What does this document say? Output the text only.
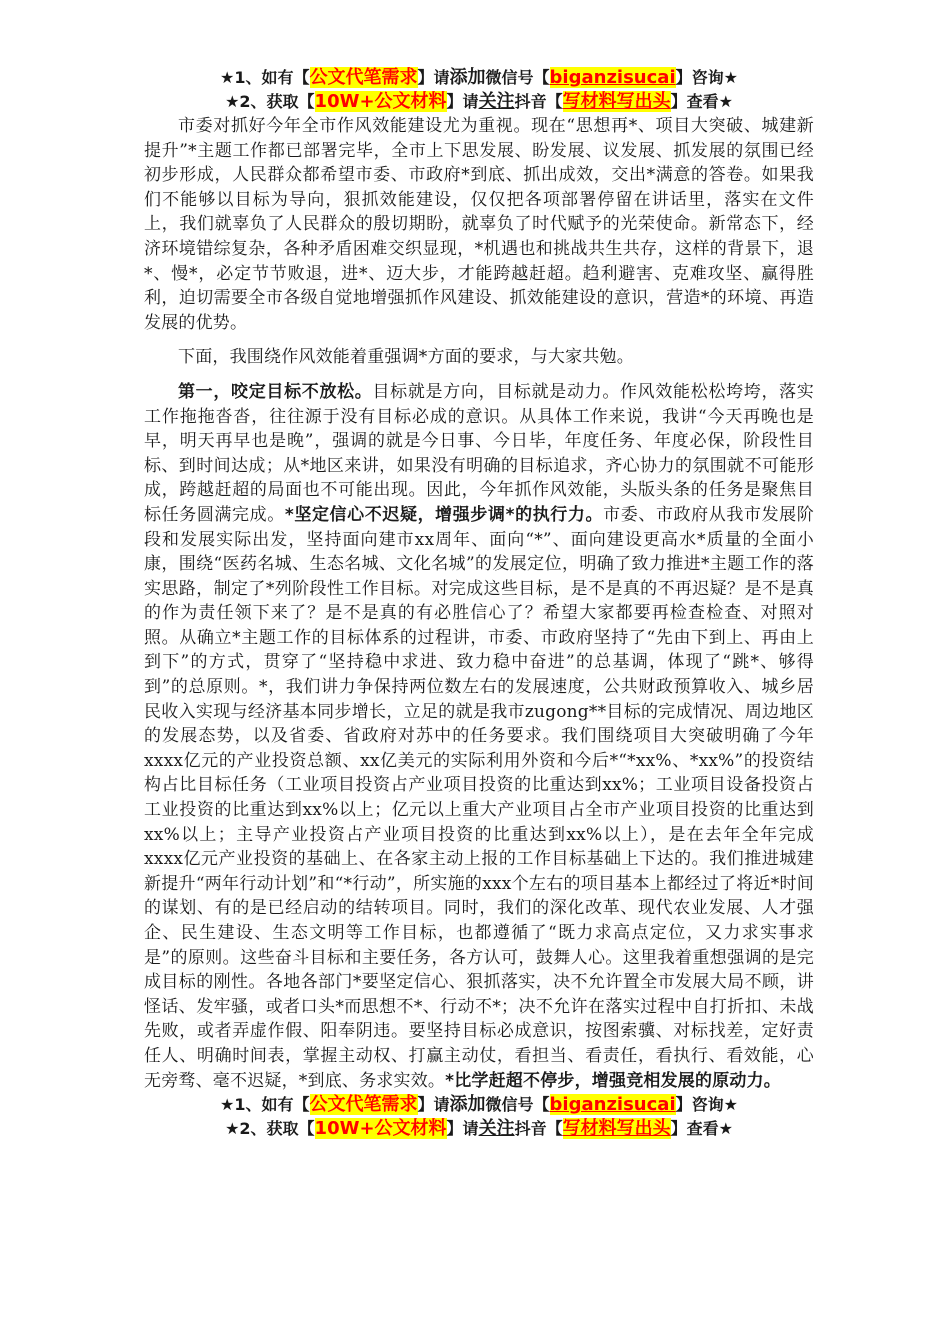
★1、如有【公文代笔需求】请添加微信号【biganzisucai】咨询★
★2、获取【10W+公文材料】请关注抖音【写材料写出头】查看★

市委对抓好今年全市作风效能建设尤为重视。现在“思想再*、项目大突破、城建新提升”*主题工作都已部署完毕，全市上下思发展、盼发展、议发展、抓发展的氛围已经初步形成，人民群众都希望市委、市政府*到底、抓出成效，交出*满意的答卷。如果我们不能够以目标为导向，狠抓效能建设，仅仅把各项部署停留在讲话里，落实在文件上，我们就辜负了人民群众的殷切期盼，就辜负了时代赋予的光荣使命。新常态下，经济环境错综复杂，各种矛盾困难交织显现，*机遇也和挑战共生共存，这样的背景下，退*、慢*，必定节节败退，进*、迈大步，才能跨越赶超。趋利避害、克难攻坚、赢得胜利，迫切需要全市各级自觉地增强抓作风建设、抓效能建设的意识，营造*的环境、再造发展的优势。

下面，我围绕作风效能着重强调*方面的要求，与大家共勉。

第一，咬定目标不放松。目标就是方向，目标就是动力。作风效能松松垮垮，落实工作拖拖沓沓，往往源于没有目标必成的意识。从具体工作来说，我讲“今天再晚也是早，明天再早也是晚”，强调的就是今日事、今日毕，年度任务、年度必保，阶段性目标、到时间达成；从*地区来讲，如果没有明确的目标追求，齐心协力的氛围就不可能形成，跨越赶超的局面也不可能出现。因此，今年抓作风效能，头版头条的任务是聚焦目标任务圆满完成。*坚定信心不迟疑，增强步调*的执行力。市委、市政府从我市发展阶段和发展实际出发，坚持面向建市xx周年、面向“*”、面向建设更高水*质量的全面小康，围绕“医药名城、生态名城、文化名城”的发展定位，明确了致力推进*主题工作的落实思路，制定了*列阶段性工作目标。对完成这些目标，是不是真的不再迟疑？是不是真的作为责任领下来了？是不是真的有必胜信心了？希望大家都要再检查检查、对照对照。从确立*主题工作的目标体系的过程讲，市委、市政府坚持了“先由下到上、再由上到下”的方式，贯穿了“坚持稳中求进、致力稳中奋进”的总基调，体现了“跳*、够得到”的总原则。*，我们讲力争保持两位数左右的发展速度，公共财政预算收入、城乡居民收入实现与经济基本同步增长，立足的就是我市zugong**目标的完成情况、周边地区的发展态势，以及省委、省政府对苏中的任务要求。我们围绕项目大突破明确了今年xxxx亿元的产业投资总额、xx亿美元的实际利用外资和今后*“*xx%、*xx%”的投资结构占比目标任务（工业项目投资占产业项目投资的比重达到xx%；工业项目设备投资占工业投资的比重达到xx%以上；亿元以上重大产业项目占全市产业项目投资的比重达到xx%以上；主导产业投资占产业项目投资的比重达到xx%以上），是在去年全年完成xxxx亿元产业投资的基础上、在各家主动上报的工作目标基础上下达的。我们推进城建新提升“两年行动计划”和“*行动”，所实施的xxx个左右的项目基本上都经过了将近*时间的谋划、有的是已经启动的结转项目。同时，我们的深化改革、现代农业发展、人才强企、民生建设、生态文明等工作目标，也都遵循了“既力求高点定位，又力求实事求是”的原则。这些奋斗目标和主要任务，各方认可，鼓舞人心。这里我着重想强调的是完成目标的刚性。各地各部门*要坚定信心、狠抓落实，决不允许置全市发展大局不顾，讲怪话、发牢骚，或者口头*而思想不*、行动不*；决不允许在落实过程中自打折扣、未战先败，或者弄虚作假、阳奉阴违。要坚持目标必成意识，按图索骥、对标找差，定好责任人、明确时间表，掌握主动权、打赢主动仗，看担当、看责任，看执行、看效能，心无旁骛、毫不迟疑，*到底、务求实效。*比学赶超不停步，增强竞相发展的原动力。

★1、如有【公文代笔需求】请添加微信号【biganzisucai】咨询★
★2、获取【10W+公文材料】请关注抖音【写材料写出头】查看★
